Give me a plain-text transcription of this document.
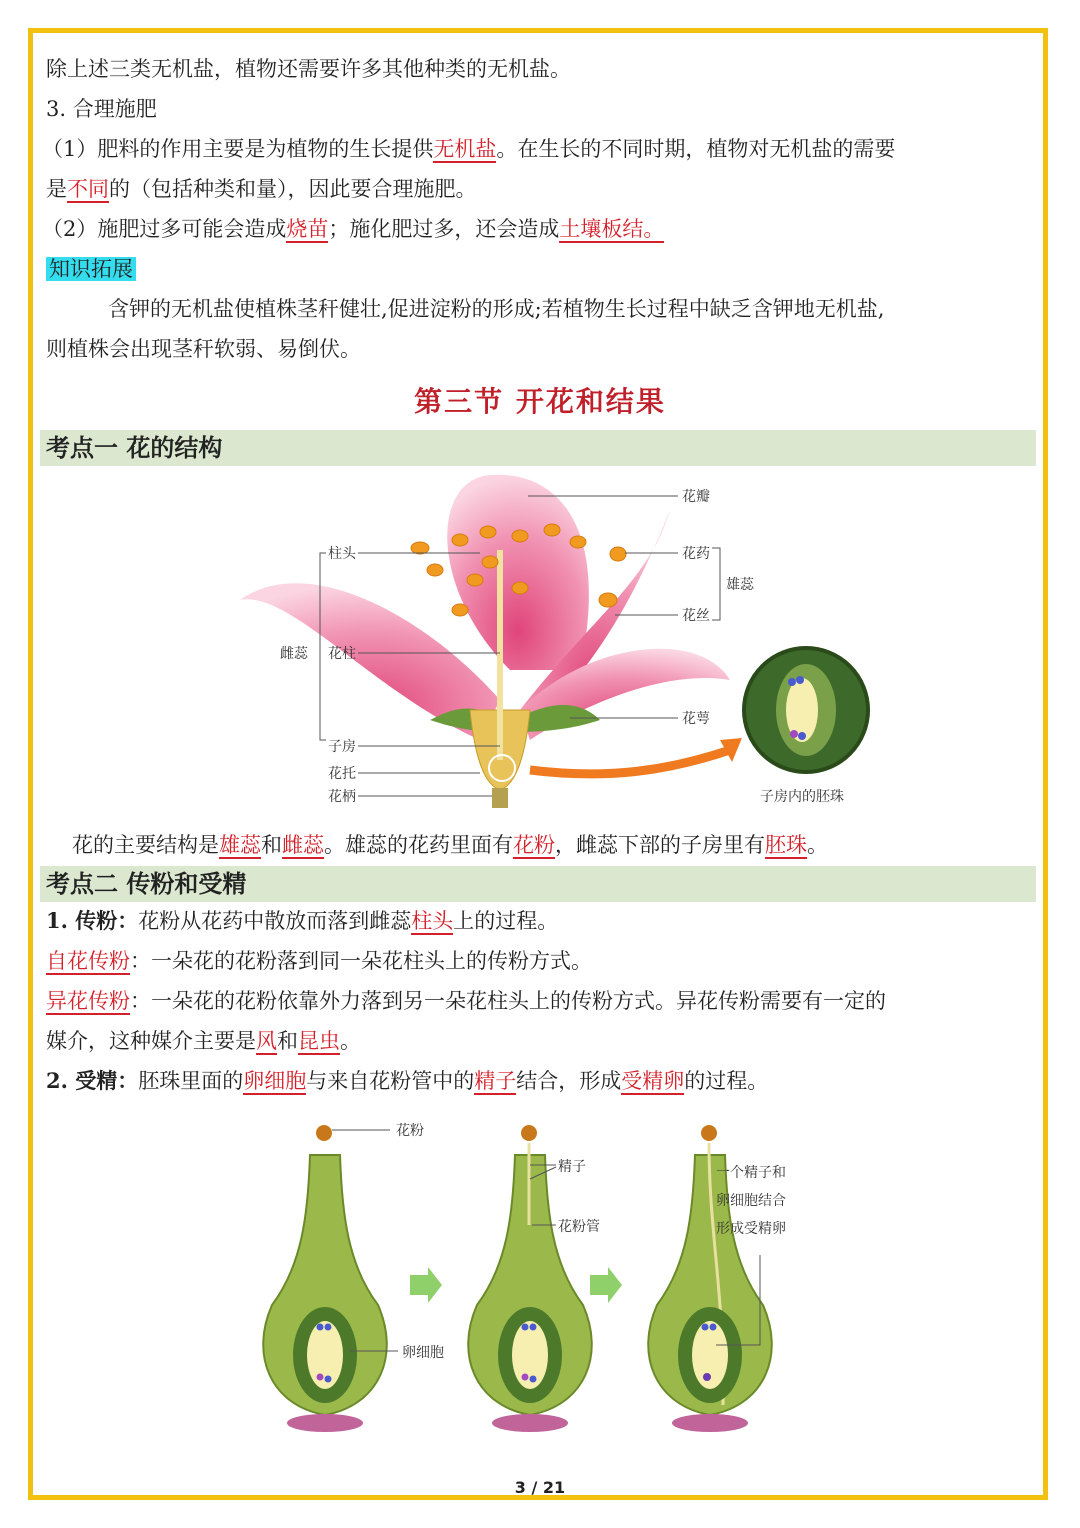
除上述三类无机盐，植物还需要许多其他种类的无机盐。
3. 合理施肥
（1）肥料的作用主要是为植物的生长提供无机盐。在生长的不同时期，植物对无机盐的需要
是不同的（包括种类和量），因此要合理施肥。
（2）施肥过多可能会造成烧苗；施化肥过多，还会造成土壤板结。
知识拓展
含钾的无机盐使植株茎秆健壮,促进淀粉的形成;若植物生长过程中缺乏含钾地无机盐,
则植株会出现茎秆软弱、易倒伏。
第三节 开花和结果
考点一 花的结构
花瓣
花药
花丝
雄蕊
柱头
花柱
雌蕊
花萼
子房
花托
花柄	子房内的胚珠
花的主要结构是雄蕊和雌蕊。雄蕊的花药里面有花粉，雌蕊下部的子房里有胚珠。
考点二 传粉和受精
1. 传粉：花粉从花药中散放而落到雌蕊柱头上的过程。
自花传粉：一朵花的花粉落到同一朵花柱头上的传粉方式。
异花传粉：一朵花的花粉依靠外力落到另一朵花柱头上的传粉方式。异花传粉需要有一定的
媒介，这种媒介主要是风和昆虫。
2. 受精：胚珠里面的卵细胞与来自花粉管中的精子结合，形成受精卵的过程。
花粉
精子
花粉管
卵细胞
一个精子和
卵细胞结合
形成受精卵
3 / 21
